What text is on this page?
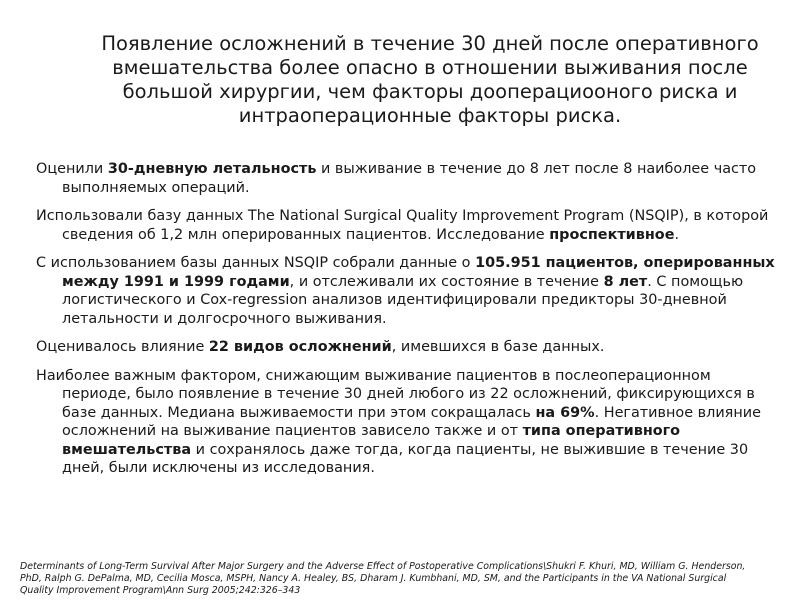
Появление осложнений в течение 30 дней после оперативного вмешательства более опасно в отношении выживания после большой хирургии, чем факторы дооперациооного риска и интраоперационные факторы риска.

Оценили 30-дневную летальность и выживание в течение до 8 лет после 8 наиболее часто выполняемых операций.

Использовали базу данных The National Surgical Quality Improvement Program (NSQIP), в которой сведения об 1,2 млн оперированных пациентов. Исследование проспективное.

С использованием базы данных NSQIP собрали данные о 105.951 пациентов, оперированных между 1991 и 1999 годами, и отслеживали их состояние в течение 8 лет. С помощью логистического и Cox-regression анализов идентифицировали предикторы 30-дневной летальности и долгосрочного выживания.

Оценивалось влияние 22 видов осложнений, имевшихся в базе данных.

Наиболее важным фактором, снижающим выживание пациентов в послеоперационном периоде, было появление в течение 30 дней любого из 22 осложнений, фиксирующихся в базе данных. Медиана выживаемости при этом сокращалась на 69%. Негативное влияние осложнений на выживание пациентов зависело также и от типа оперативного вмешательства и сохранялось даже тогда, когда пациенты, не выжившие в течение 30 дней, были исключены из исследования.

Determinants of Long-Term Survival After Major Surgery and the Adverse Effect of Postoperative Complications\Shukri F. Khuri, MD, William G. Henderson, PhD, Ralph G. DePalma, MD, Cecilia Mosca, MSPH, Nancy A. Healey, BS, Dharam J. Kumbhani, MD, SM, and the Participants in the VA National Surgical Quality Improvement Program\Ann Surg 2005;242:326–343
